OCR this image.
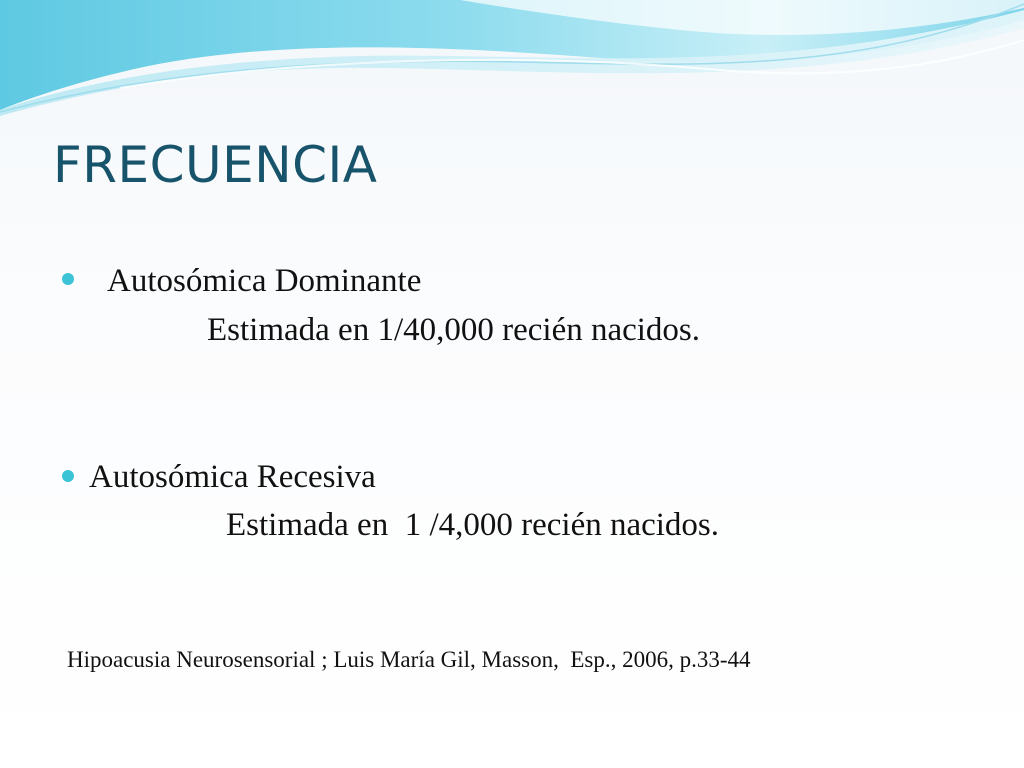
FRECUENCIA
Autosómica Dominante
Estimada en 1/40,000 recién nacidos.
Autosómica Recesiva
Estimada en  1 /4,000 recién nacidos.
Hipoacusia Neurosensorial ; Luis María Gil, Masson,  Esp., 2006, p.33-44
